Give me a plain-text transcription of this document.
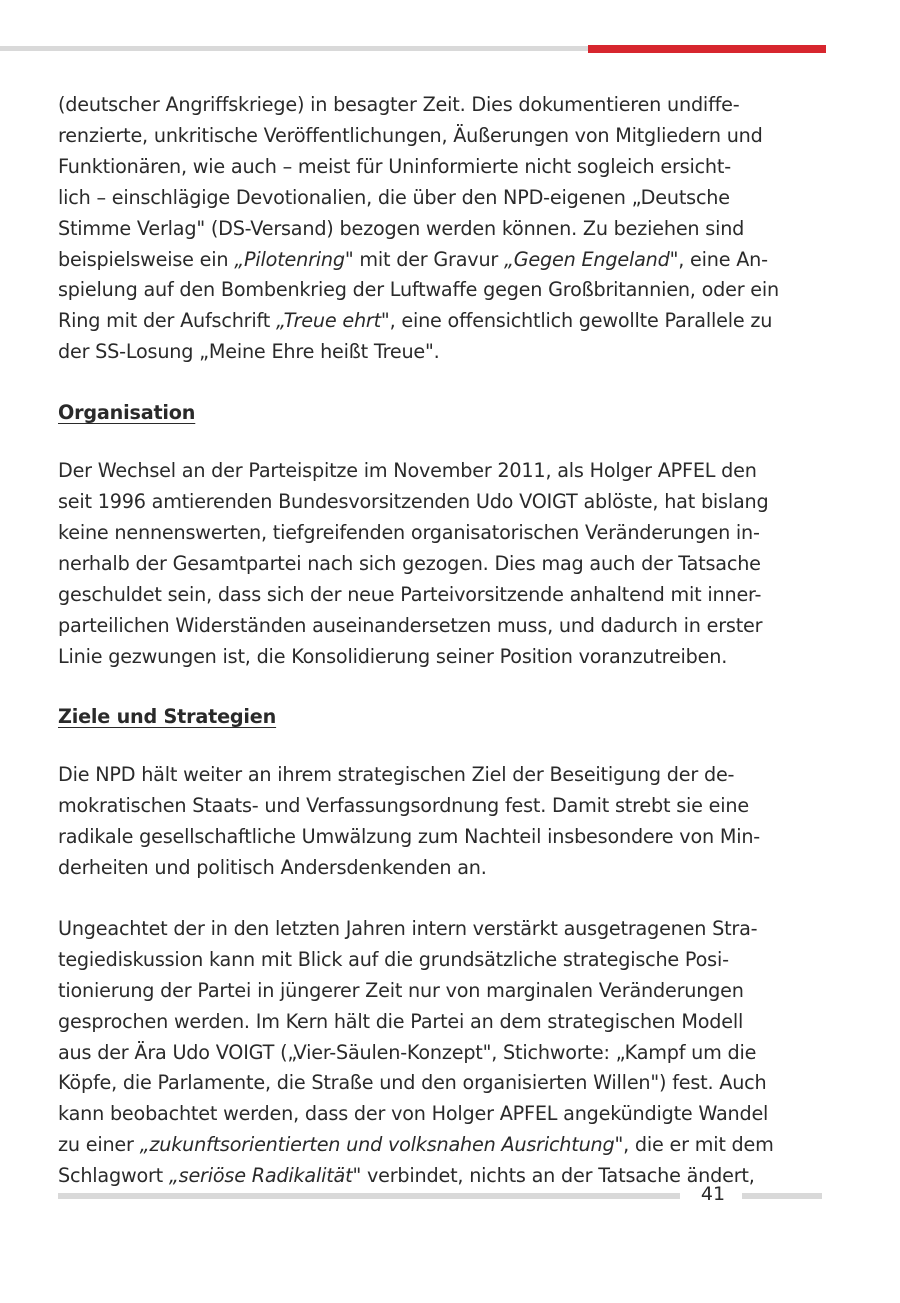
(deutscher Angriffskriege) in besagter Zeit. Dies dokumentieren undiffe-
renzierte, unkritische Veröffentlichungen, Äußerungen von Mitgliedern und
Funktionären, wie auch – meist für Uninformierte nicht sogleich ersicht-
lich – einschlägige Devotionalien, die über den NPD-eigenen „Deutsche
Stimme Verlag" (DS-Versand) bezogen werden können. Zu beziehen sind
beispielsweise ein „Pilotenring" mit der Gravur „Gegen Engeland", eine An-
spielung auf den Bombenkrieg der Luftwaffe gegen Großbritannien, oder ein
Ring mit der Aufschrift „Treue ehrt", eine offensichtlich gewollte Parallele zu
der SS-Losung „Meine Ehre heißt Treue".

Organisation

Der Wechsel an der Parteispitze im November 2011, als Holger APFEL den
seit 1996 amtierenden Bundesvorsitzenden Udo VOIGT ablöste, hat bislang
keine nennenswerten, tiefgreifenden organisatorischen Veränderungen in-
nerhalb der Gesamtpartei nach sich gezogen. Dies mag auch der Tatsache
geschuldet sein, dass sich der neue Parteivorsitzende anhaltend mit inner-
parteilichen Widerständen auseinandersetzen muss, und dadurch in erster
Linie gezwungen ist, die Konsolidierung seiner Position voranzutreiben.

Ziele und Strategien

Die NPD hält weiter an ihrem strategischen Ziel der Beseitigung der de-
mokratischen Staats- und Verfassungsordnung fest. Damit strebt sie eine
radikale gesellschaftliche Umwälzung zum Nachteil insbesondere von Min-
derheiten und politisch Andersdenkenden an.

Ungeachtet der in den letzten Jahren intern verstärkt ausgetragenen Stra-
tegiediskussion kann mit Blick auf die grundsätzliche strategische Posi-
tionierung der Partei in jüngerer Zeit nur von marginalen Veränderungen
gesprochen werden. Im Kern hält die Partei an dem strategischen Modell
aus der Ära Udo VOIGT („Vier-Säulen-Konzept", Stichworte: „Kampf um die
Köpfe, die Parlamente, die Straße und den organisierten Willen") fest. Auch
kann beobachtet werden, dass der von Holger APFEL angekündigte Wandel
zu einer „zukunftsorientierten und volksnahen Ausrichtung", die er mit dem
Schlagwort „seriöse Radikalität" verbindet, nichts an der Tatsache ändert,

41
